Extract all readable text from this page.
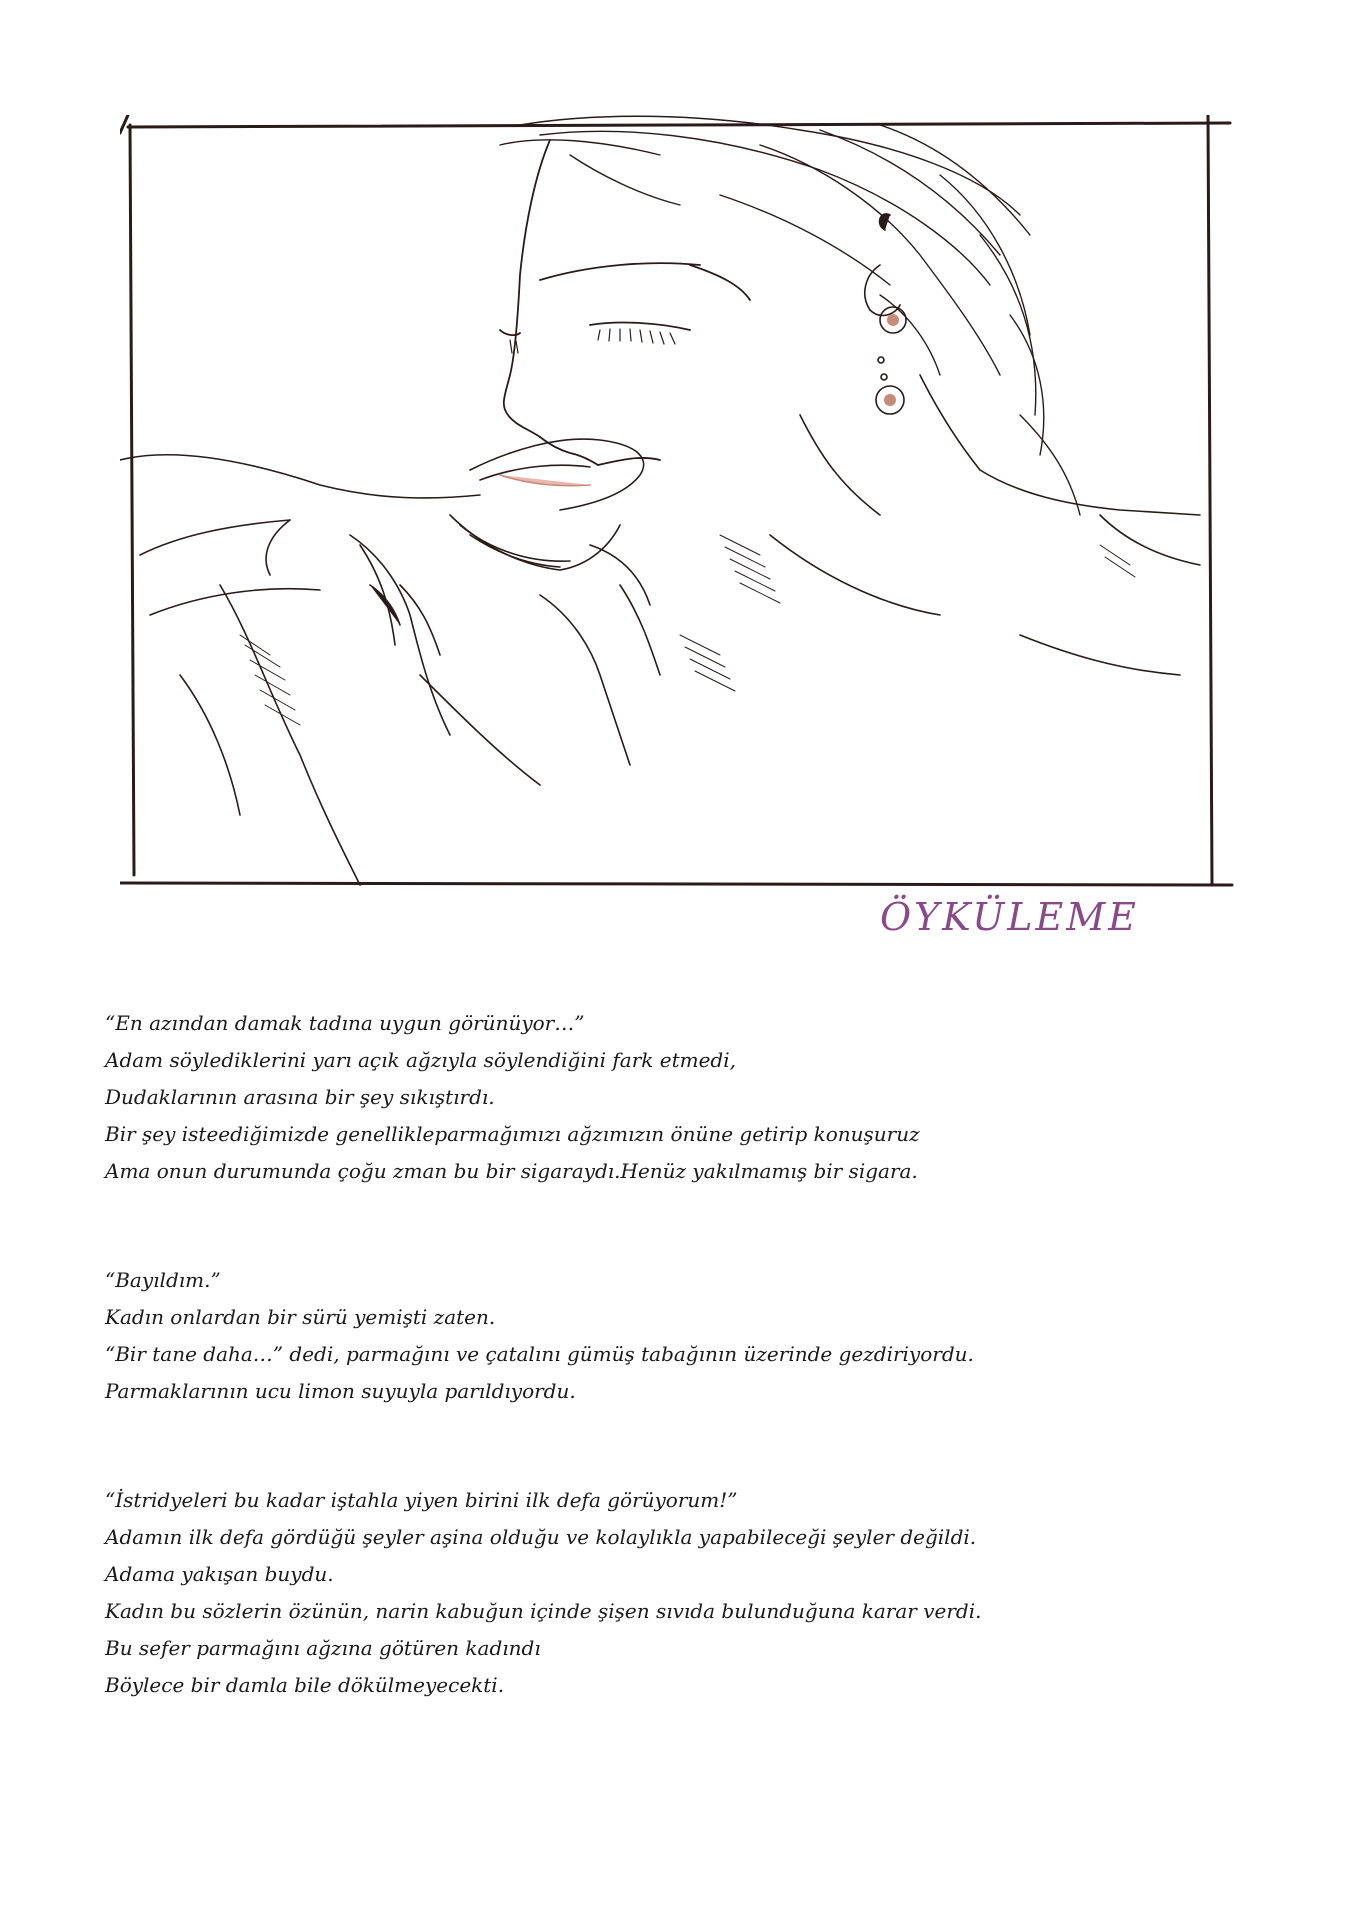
ÖYKÜLEME
“En azından damak tadına uygun görünüyor…”
Adam söylediklerini yarı açık ağzıyla söylendiğini fark etmedi,
Dudaklarının arasına bir şey sıkıştırdı.
Bir şey isteediğimizde genelliklеparmağımızı ağzımızın önüne getirip konuşuruz
Ama onun durumunda çoğu zman bu bir sigaraydı.Henüz yakılmamış bir sigara.
“Bayıldım.”
Kadın onlardan bir sürü yemişti zaten.
“Bir tane daha…” dedi, parmağını ve çatalını gümüş tabağının üzerinde gezdiriyordu.
Parmaklarının ucu limon suyuyla parıldıyordu.
“İstridyeleri bu kadar iştahla yiyen birini ilk defa görüyorum!”
Adamın ilk defa gördüğü şeyler aşina olduğu ve kolaylıkla yapabileceği şeyler değildi.
Adama yakışan buydu.
Kadın bu sözlerin özünün, narin kabuğun içinde şişen sıvıda bulunduğuna karar verdi.
Bu sefer parmağını ağzına götüren kadındı
Böylece bir damla bile dökülmeyecekti.
